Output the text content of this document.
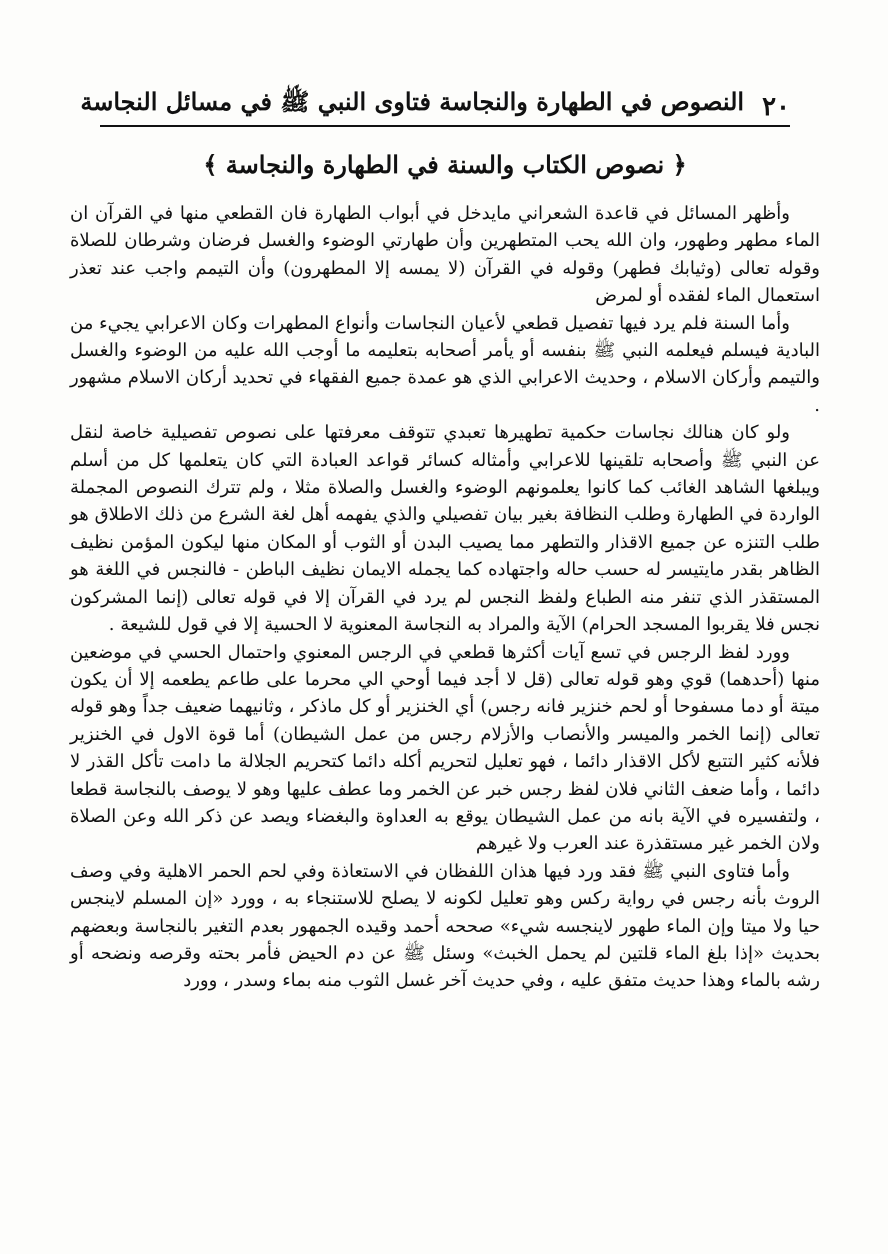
٢٠
النصوص في الطهارة والنجاسة فتاوى النبي ﷺ في مسائل النجاسة
﴿ نصوص الكتاب والسنة في الطهارة والنجاسة ﴾

وأظهر المسائل في قاعدة الشعراني مايدخل في أبواب الطهارة فان القطعي منها في القرآن ان الماء مطهر وطهور، وان الله يحب المتطهرين وأن طهارتي الوضوء والغسل فرضان وشرطان للصلاة وقوله تعالى (وثيابك فطهر) وقوله في القرآن (لا يمسه إلا المطهرون) وأن التيمم واجب عند تعذر استعمال الماء لفقده أو لمرض

وأما السنة فلم يرد فيها تفصيل قطعي لأعيان النجاسات وأنواع المطهرات وكان الاعرابي يجيء من البادية فيسلم فيعلمه النبي ﷺ بنفسه أو يأمر أصحابه بتعليمه ما أوجب الله عليه من الوضوء والغسل والتيمم وأركان الاسلام ، وحديث الاعرابي الذي هو عمدة جميع الفقهاء في تحديد أركان الاسلام مشهور .

ولو كان هنالك نجاسات حكمية تطهيرها تعبدي تتوقف معرفتها على نصوص تفصيلية خاصة لنقل عن النبي ﷺ وأصحابه تلقينها للاعرابي وأمثاله كسائر قواعد العبادة التي كان يتعلمها كل من أسلم ويبلغها الشاهد الغائب كما كانوا يعلمونهم الوضوء والغسل والصلاة مثلا ، ولم تترك النصوص المجملة الواردة في الطهارة وطلب النظافة بغير بيان تفصيلي والذي يفهمه أهل لغة الشرع من ذلك الاطلاق هو طلب التنزه عن جميع الاقذار والتطهر مما يصيب البدن أو الثوب أو المكان منها ليكون المؤمن نظيف الظاهر بقدر مايتيسر له حسب حاله واجتهاده كما يجمله الايمان نظيف الباطن - فالنجس في اللغة هو المستقذر الذي تنفر منه الطباع ولفظ النجس لم يرد في القرآن إلا في قوله تعالى (إنما المشركون نجس فلا يقربوا المسجد الحرام) الآية والمراد به النجاسة المعنوية لا الحسية إلا في قول للشيعة .

وورد لفظ الرجس في تسع آيات أكثرها قطعي في الرجس المعنوي واحتمال الحسي في موضعين منها (أحدهما) قوي وهو قوله تعالى (قل لا أجد فيما أوحي الي محرما على طاعم يطعمه إلا أن يكون ميتة أو دما مسفوحا أو لحم خنزير فانه رجس) أي الخنزير أو كل ماذكر ، وثانيهما ضعيف جداً وهو قوله تعالى (إنما الخمر والميسر والأنصاب والأزلام رجس من عمل الشيطان) أما قوة الاول في الخنزير فلأنه كثير التتبع لأكل الاقذار دائما ، فهو تعليل لتحريم أكله دائما كتحريم الجلالة ما دامت تأكل القذر لا دائما ، وأما ضعف الثاني فلان لفظ رجس خبر عن الخمر وما عطف عليها وهو لا يوصف بالنجاسة قطعا ، ولتفسيره في الآية بانه من عمل الشيطان يوقع به العداوة والبغضاء ويصد عن ذكر الله وعن الصلاة ولان الخمر غير مستقذرة عند العرب ولا غيرهم

وأما فتاوى النبي ﷺ فقد ورد فيها هذان اللفظان في الاستعاذة وفي لحم الحمر الاهلية وفي وصف الروث بأنه رجس في رواية ركس وهو تعليل لكونه لا يصلح للاستنجاء به ، وورد «إن المسلم لاينجس حيا ولا ميتا وإن الماء طهور لاينجسه شيء» صححه أحمد وقيده الجمهور بعدم التغير بالنجاسة وبعضهم بحديث «إذا بلغ الماء قلتين لم يحمل الخبث» وسئل ﷺ عن دم الحيض فأمر بحته وقرصه ونضحه أو رشه بالماء وهذا حديث متفق عليه ، وفي حديث آخر غسل الثوب منه بماء وسدر ، وورد
